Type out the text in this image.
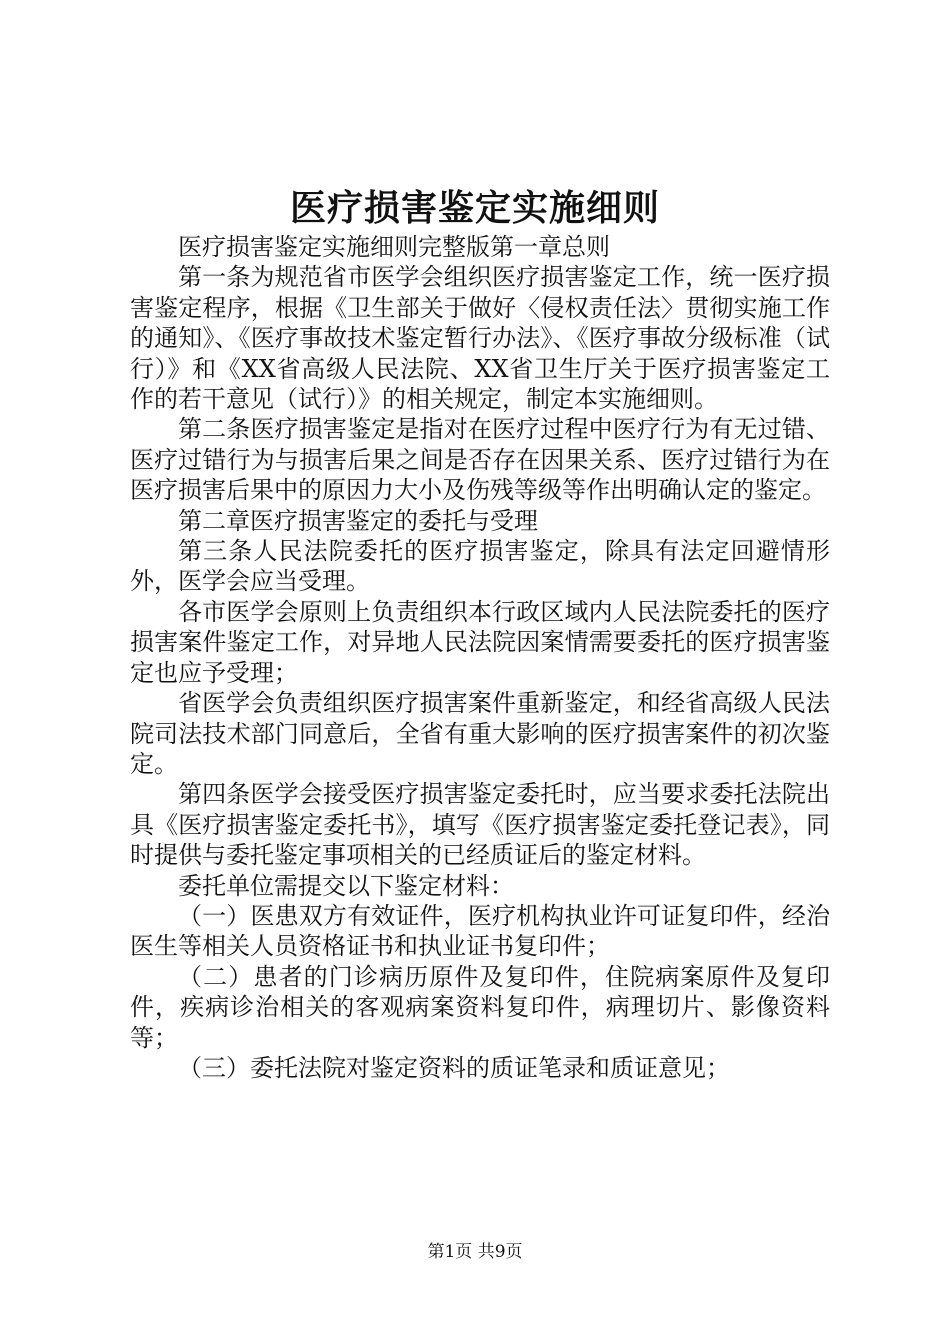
医疗损害鉴定实施细则

医疗损害鉴定实施细则完整版第一章总则

第一条为规范省市医学会组织医疗损害鉴定工作，统一医疗损害鉴定程序，根据《卫生部关于做好〈侵权责任法〉贯彻实施工作的通知》、《医疗事故技术鉴定暂行办法》、《医疗事故分级标准（试行）》和《XX省高级人民法院、XX省卫生厅关于医疗损害鉴定工作的若干意见（试行）》的相关规定，制定本实施细则。

第二条医疗损害鉴定是指对在医疗过程中医疗行为有无过错、医疗过错行为与损害后果之间是否存在因果关系、医疗过错行为在医疗损害后果中的原因力大小及伤残等级等作出明确认定的鉴定。

第二章医疗损害鉴定的委托与受理

第三条人民法院委托的医疗损害鉴定，除具有法定回避情形外，医学会应当受理。

各市医学会原则上负责组织本行政区域内人民法院委托的医疗损害案件鉴定工作，对异地人民法院因案情需要委托的医疗损害鉴定也应予受理；

省医学会负责组织医疗损害案件重新鉴定，和经省高级人民法院司法技术部门同意后，全省有重大影响的医疗损害案件的初次鉴定。

第四条医学会接受医疗损害鉴定委托时，应当要求委托法院出具《医疗损害鉴定委托书》，填写《医疗损害鉴定委托登记表》，同时提供与委托鉴定事项相关的已经质证后的鉴定材料。

委托单位需提交以下鉴定材料：

（一）医患双方有效证件，医疗机构执业许可证复印件，经治医生等相关人员资格证书和执业证书复印件；

（二）患者的门诊病历原件及复印件，住院病案原件及复印件，疾病诊治相关的客观病案资料复印件，病理切片、影像资料等；

（三）委托法院对鉴定资料的质证笔录和质证意见；

第1页 共9页
